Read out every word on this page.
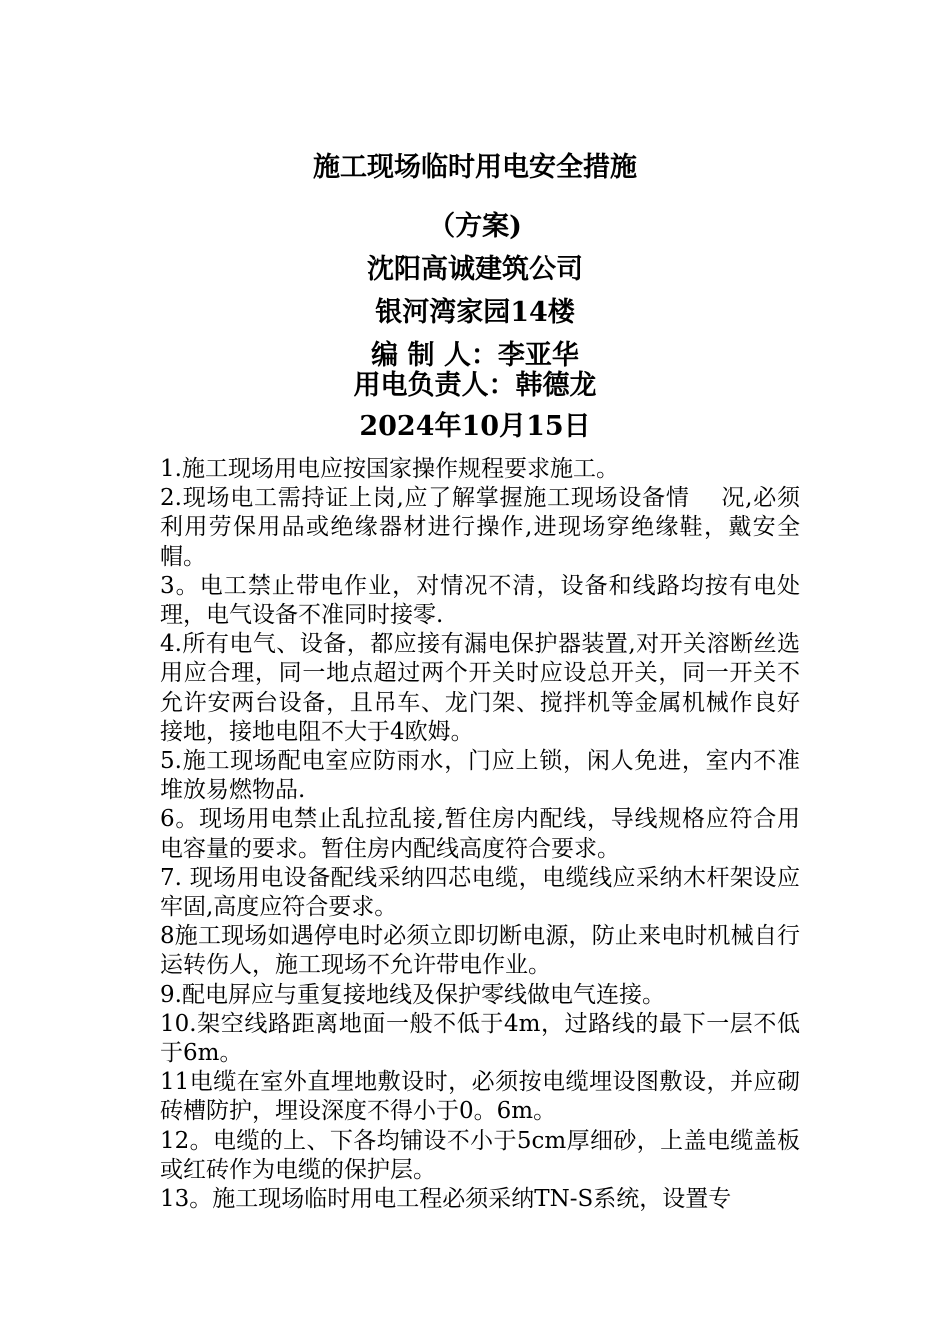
施工现场临时用电安全措施
（方案)
沈阳高诚建筑公司
银河湾家园14楼
编 制 人：李亚华
用电负责人：韩德龙
2024年10月15日

1.施工现场用电应按国家操作规程要求施工。

2.现场电工需持证上岗,应了解掌握施工现场设备情　 况,必须利用劳保用品或绝缘器材进行操作,进现场穿绝缘鞋，戴安全帽。

3。电工禁止带电作业，对情况不清，设备和线路均按有电处理，电气设备不准同时接零.

4.所有电气、设备，都应接有漏电保护器装置,对开关溶断丝选用应合理，同一地点超过两个开关时应设总开关，同一开关不允许安两台设备，且吊车、龙门架、搅拌机等金属机械作良好接地，接地电阻不大于4欧姆。

5.施工现场配电室应防雨水，门应上锁，闲人免进，室内不准堆放易燃物品.

6。现场用电禁止乱拉乱接,暂住房内配线，导线规格应符合用电容量的要求。暂住房内配线高度符合要求。

7. 现场用电设备配线采纳四芯电缆，电缆线应采纳木杆架设应牢固,高度应符合要求。

8施工现场如遇停电时必须立即切断电源，防止来电时机械自行运转伤人，施工现场不允许带电作业。

9.配电屏应与重复接地线及保护零线做电气连接。

10.架空线路距离地面一般不低于4m，过路线的最下一层不低于6m。

11电缆在室外直埋地敷设时，必须按电缆埋设图敷设，并应砌砖槽防护，埋设深度不得小于0。6m。

12。电缆的上、下各均铺设不小于5cm厚细砂，上盖电缆盖板或红砖作为电缆的保护层。

13。施工现场临时用电工程必须采纳TN-S系统，设置专
